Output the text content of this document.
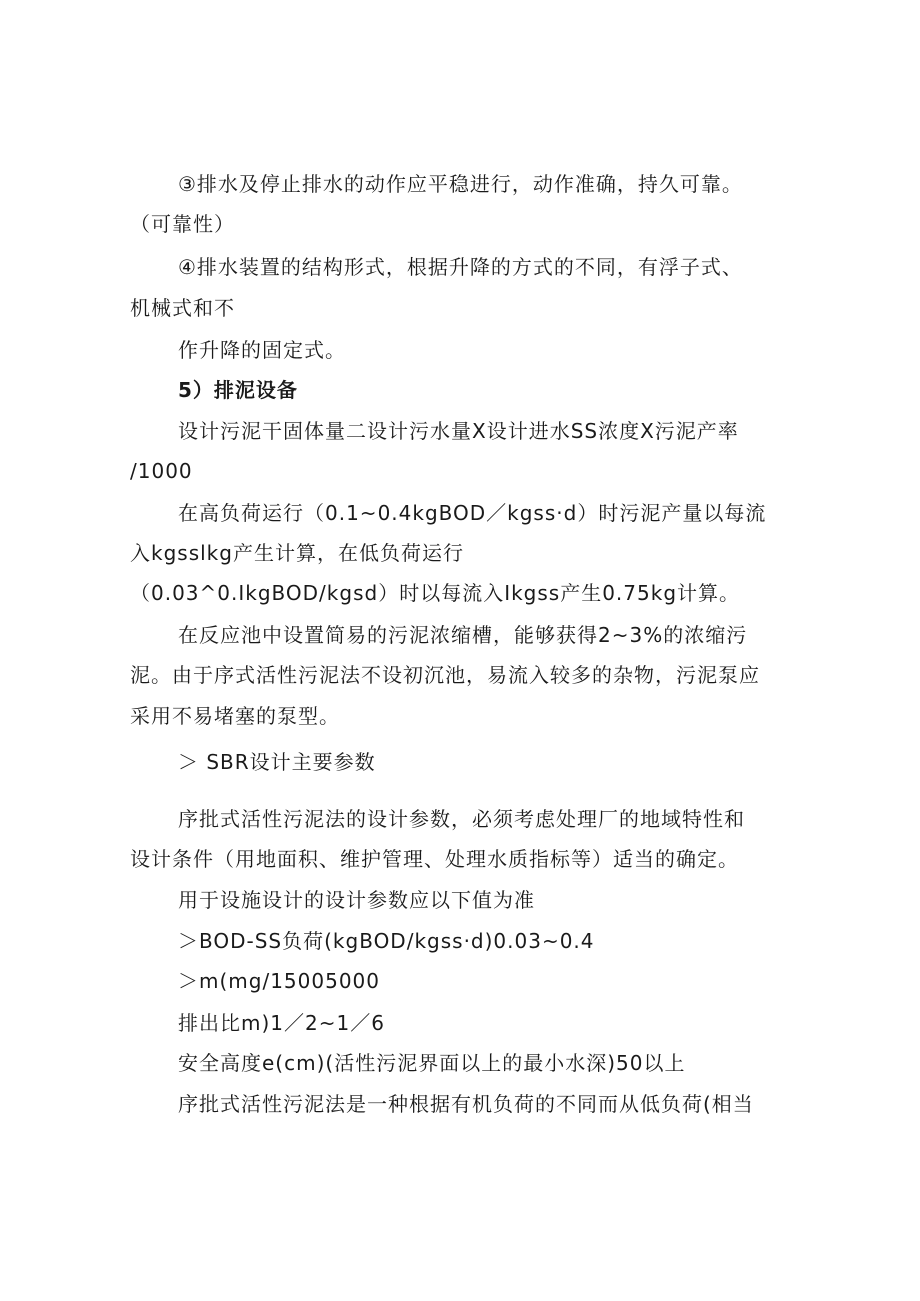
③排水及停止排水的动作应平稳进行，动作准确，持久可靠。
（可靠性）
④排水装置的结构形式，根据升降的方式的不同，有浮子式、
机械式和不
作升降的固定式。
5）排泥设备
设计污泥干固体量二设计污水量X设计进水SS浓度X污泥产率
/1000
在高负荷运行（0.1~0.4kgBOD／kgss·d）时污泥产量以每流
入kgsslkg产生计算，在低负荷运行
（0.03^0.IkgBOD/kgsd）时以每流入Ikgss产生0.75kg计算。
在反应池中设置简易的污泥浓缩槽，能够获得2~3%的浓缩污
泥。由于序式活性污泥法不设初沉池，易流入较多的杂物，污泥泵应
采用不易堵塞的泵型。
＞ SBR设计主要参数
序批式活性污泥法的设计参数，必须考虑处理厂的地域特性和
设计条件（用地面积、维护管理、处理水质指标等）适当的确定。
用于设施设计的设计参数应以下值为准
＞BOD-SS负荷(kgBOD/kgss·d)0.03~0.4
＞m(mg/15005000
排出比m)1／2~1／6
安全高度e(cm)(活性污泥界面以上的最小水深)50以上
序批式活性污泥法是一种根据有机负荷的不同而从低负荷(相当
